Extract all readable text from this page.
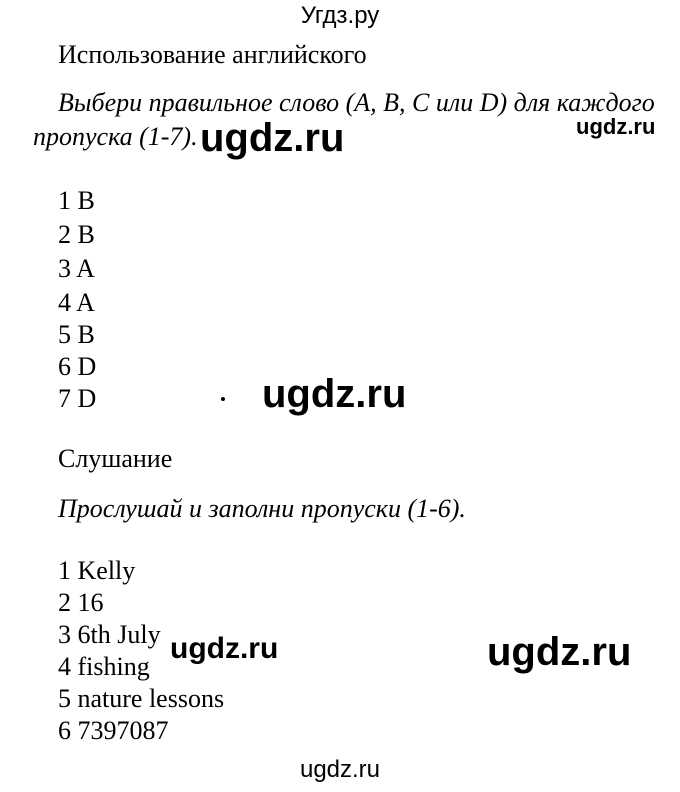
Угдз.ру
Использование английского
Выбери правильное слово (A, B, C или D) для каждого
пропуска (1-7). ugdz.ru	ugdz.ru
1 B
2 B
3 A
4 A
5 B
6 D
7 D	ugdz.ru
Слушание
Прослушай и заполни пропуски (1-6).
1 Kelly
2 16
3 6th July
4 fishing
5 nature lessons
6 7397087
ugdz.ru	ugdz.ru
ugdz.ru
